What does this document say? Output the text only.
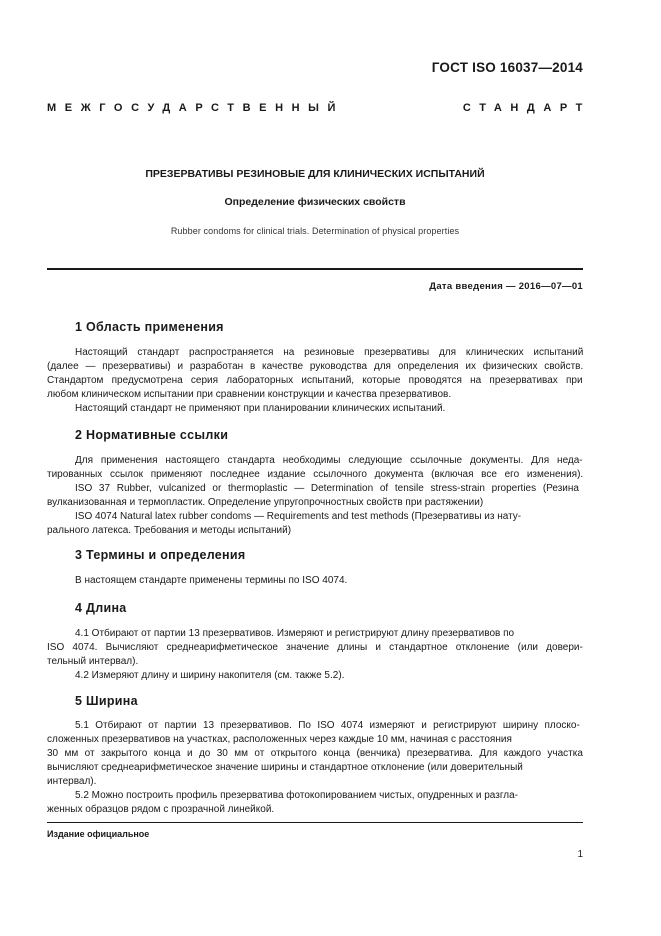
ГОСТ ISO 16037—2014
МЕЖГОСУДАРСТВЕННЫЙ	СТАНДАРТ
ПРЕЗЕРВАТИВЫ РЕЗИНОВЫЕ ДЛЯ КЛИНИЧЕСКИХ ИСПЫТАНИЙ
Определение физических свойств
Rubber condoms for clinical trials. Determination of physical properties
Дата введения — 2016—07—01
1 Область применения
Настоящий стандарт распространяется на резиновые презервативы для клинических испытаний
(далее — презервативы) и разработан в качестве руководства для определения их физических свойств.
Стандартом предусмотрена серия лабораторных испытаний, которые проводятся на презервативах при
любом клиническом испытании при сравнении конструкции и качества презервативов.
Настоящий стандарт не применяют при планировании клинических испытаний.
2 Нормативные ссылки
Для применения настоящего стандарта необходимы следующие ссылочные документы. Для неда-
тированных ссылок применяют последнее издание ссылочного документа (включая все его изменения).
ISO 37 Rubber, vulcanized or thermoplastic — Determination of tensile stress-strain properties (Резина
вулканизованная и термопластик. Определение упругопрочностных свойств при растяжении)
ISO 4074 Natural latex rubber condoms — Requirements and test methods (Презервативы из нату-
рального латекса. Требования и методы испытаний)
3 Термины и определения
В настоящем стандарте применены термины по ISO 4074.
4 Длина
4.1 Отбирают от партии 13 презервативов. Измеряют и регистрируют длину презервативов по
ISO 4074. Вычисляют среднеарифметическое значение длины и стандартное отклонение (или довери-
тельный интервал).
4.2 Измеряют длину и ширину накопителя (см. также 5.2).
5 Ширина
5.1 Отбирают от партии 13 презервативов. По ISO 4074 измеряют и регистрируют ширину плоско-
сложенных презервативов на участках, расположенных через каждые 10 мм, начиная с расстояния
30 мм от закрытого конца и до 30 мм от открытого конца (венчика) презерватива. Для каждого участка
вычисляют среднеарифметическое значение ширины и стандартное отклонение (или доверительный
интервал).
5.2 Можно построить профиль презерватива фотокопированием чистых, опудренных и разгла-
женных образцов рядом с прозрачной линейкой.
Издание официальное
1
